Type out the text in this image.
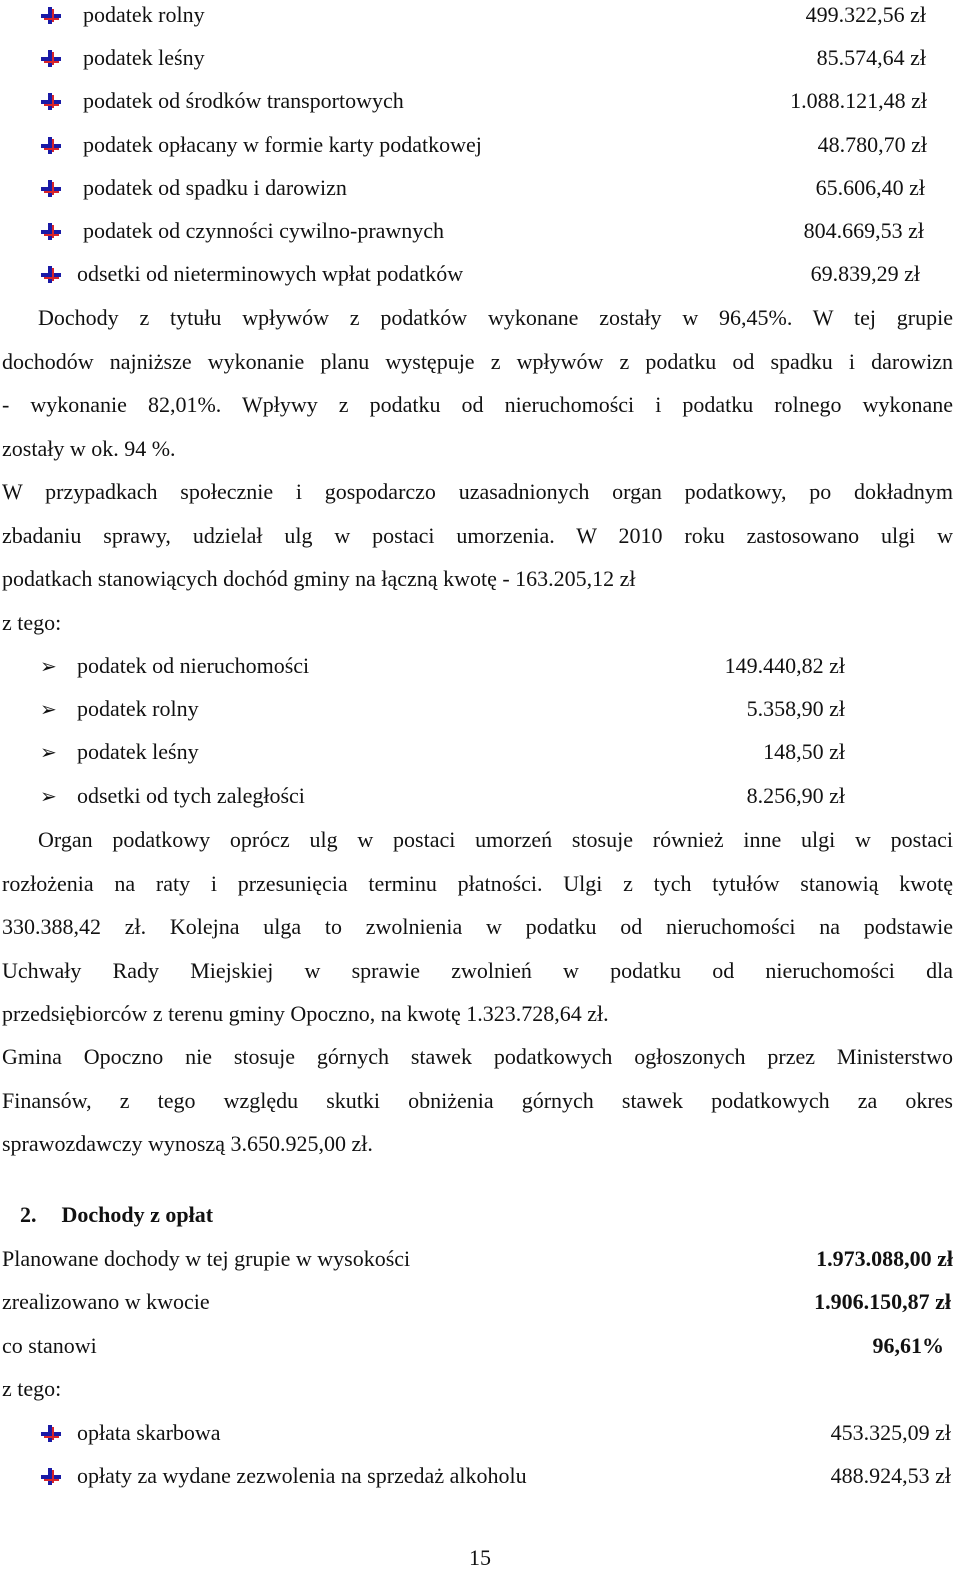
podatek rolny	499.322,56 zł
podatek leśny	85.574,64 zł
podatek od środków transportowych	1.088.121,48 zł
podatek opłacany w formie karty podatkowej	48.780,70 zł
podatek od spadku i darowizn	65.606,40 zł
podatek od czynności cywilno-prawnych	804.669,53 zł
odsetki od nieterminowych wpłat podatków	69.839,29 zł
Dochody z tytułu wpływów z podatków wykonane zostały w 96,45%. W tej grupie
dochodów najniższe wykonanie planu występuje z wpływów z podatku od spadku i darowizn
- wykonanie 82,01%. Wpływy z podatku od nieruchomości i podatku rolnego wykonane
zostały w ok. 94 %.
W przypadkach społecznie i gospodarczo uzasadnionych organ podatkowy, po dokładnym
zbadaniu sprawy, udzielał ulg w postaci umorzenia. W 2010 roku zastosowano ulgi w
podatkach stanowiących dochód gminy na łączną kwotę - 163.205,12 zł
z tego:
➢ podatek od nieruchomości	149.440,82 zł
➢ podatek rolny	5.358,90 zł
➢ podatek leśny	148,50 zł
➢ odsetki od tych zaległości	8.256,90 zł
Organ podatkowy oprócz ulg w postaci umorzeń stosuje również inne ulgi w postaci
rozłożenia na raty i przesunięcia terminu płatności. Ulgi z tych tytułów stanowią kwotę
330.388,42 zł. Kolejna ulga to zwolnienia w podatku od nieruchomości na podstawie
Uchwały Rady Miejskiej w sprawie zwolnień w podatku od nieruchomości dla
przedsiębiorców z terenu gminy Opoczno, na kwotę 1.323.728,64 zł.
Gmina Opoczno nie stosuje górnych stawek podatkowych ogłoszonych przez Ministerstwo
Finansów, z tego względu skutki obniżenia górnych stawek podatkowych za okres
sprawozdawczy wynoszą 3.650.925,00 zł.
2. Dochody z opłat
Planowane dochody w tej grupie w wysokości	1.973.088,00 zł
zrealizowano w kwocie	1.906.150,87 zł
co stanowi	96,61%
z tego:
opłata skarbowa	453.325,09 zł
opłaty za wydane zezwolenia na sprzedaż alkoholu	488.924,53 zł
15
